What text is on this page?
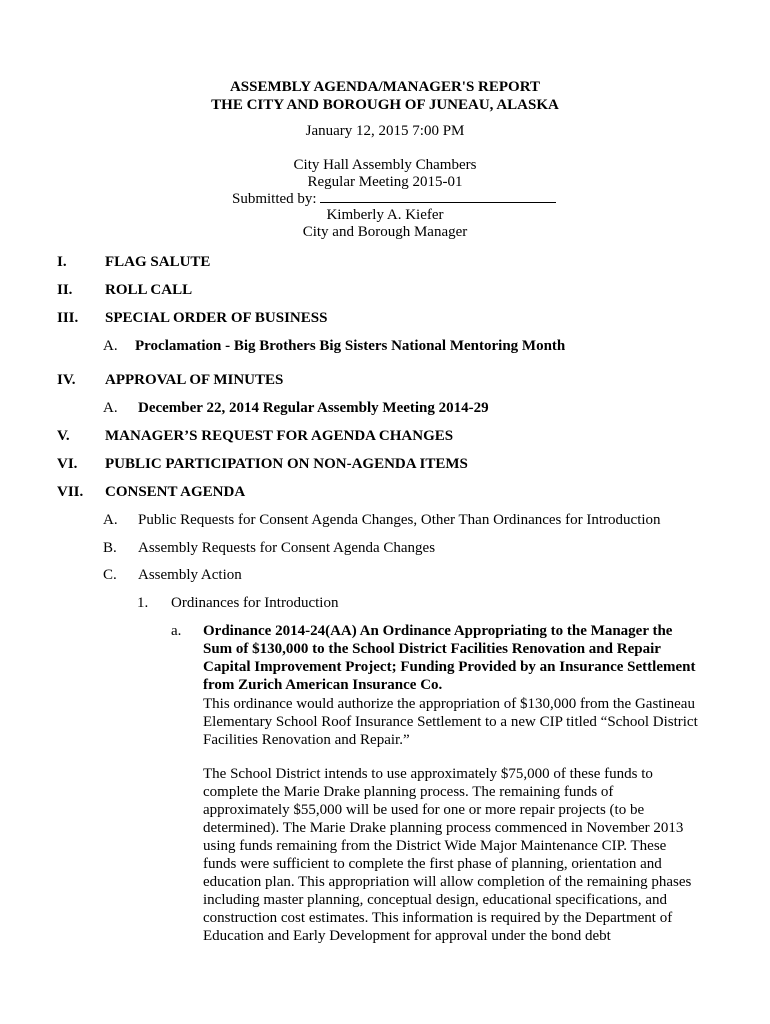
ASSEMBLY AGENDA/MANAGER'S REPORT
THE CITY AND BOROUGH OF JUNEAU, ALASKA
January 12, 2015 7:00 PM
City Hall Assembly Chambers
Regular Meeting 2015-01
Submitted by:
Kimberly A. Kiefer
City and Borough Manager
I.	FLAG SALUTE
II. ROLL CALL
III. SPECIAL ORDER OF BUSINESS
A. Proclamation - Big Brothers Big Sisters National Mentoring Month
IV. APPROVAL OF MINUTES
A. December 22, 2014 Regular Assembly Meeting 2014-29
V. MANAGER’S REQUEST FOR AGENDA CHANGES
VI. PUBLIC PARTICIPATION ON NON-AGENDA ITEMS
VII. CONSENT AGENDA
A. Public Requests for Consent Agenda Changes, Other Than Ordinances for Introduction
B. Assembly Requests for Consent Agenda Changes
C. Assembly Action
1. Ordinances for Introduction
a. Ordinance 2014-24(AA) An Ordinance Appropriating to the Manager the Sum of $130,000 to the School District Facilities Renovation and Repair Capital Improvement Project; Funding Provided by an Insurance Settlement from Zurich American Insurance Co.
This ordinance would authorize the appropriation of $130,000 from the Gastineau Elementary School Roof Insurance Settlement to a new CIP titled “School District Facilities Renovation and Repair.”
The School District intends to use approximately $75,000 of these funds to complete the Marie Drake planning process. The remaining funds of approximately $55,000 will be used for one or more repair projects (to be determined). The Marie Drake planning process commenced in November 2013 using funds remaining from the District Wide Major Maintenance CIP. These funds were sufficient to complete the first phase of planning, orientation and education plan. This appropriation will allow completion of the remaining phases including master planning, conceptual design, educational specifications, and construction cost estimates. This information is required by the Department of Education and Early Development for approval under the bond debt
